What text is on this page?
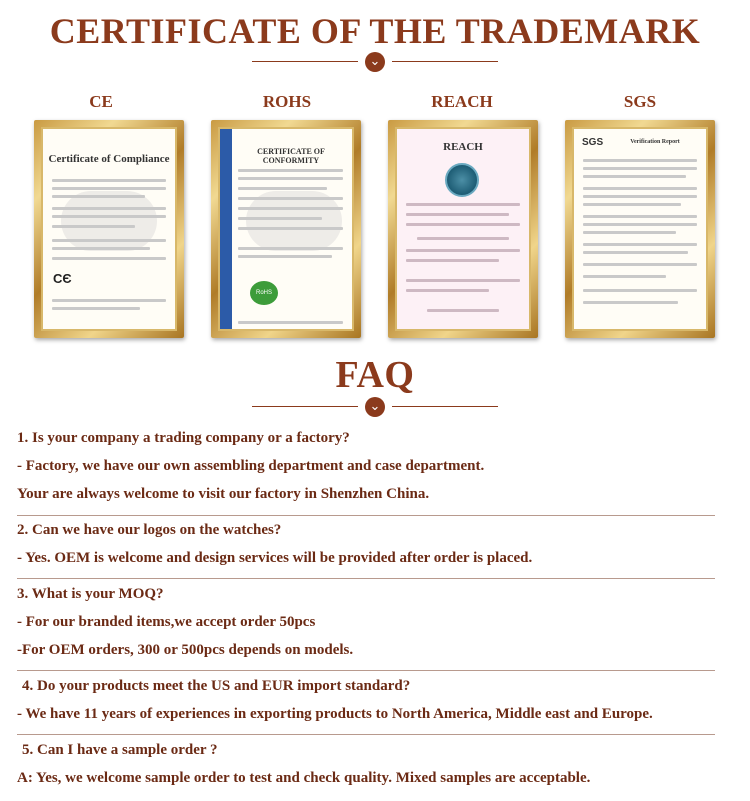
CERTIFICATE OF THE TRADEMARK
⌄
CE	ROHS	REACH	SGS
Certificate of Compliance
CЄ
CERTIFICATE OF CONFORMITY
RoHS
REACH	SGS	Verification Report
FAQ
⌄
1. Is your company a trading company or a factory?
- Factory, we have our own assembling department and case department.
Your are always welcome to visit our factory in Shenzhen China.
2. Can we have our logos on the watches?
- Yes. OEM is welcome and design services will be provided after order is placed.
3. What is your MOQ?
- For our branded items,we accept order 50pcs
-For OEM orders, 300 or 500pcs depends on models.
4. Do your products meet the US and EUR import standard?
- We have 11 years of experiences in exporting products to North America, Middle east and Europe.
5. Can I have a sample order ?
A: Yes, we welcome sample order to test and check quality. Mixed samples are acceptable.
